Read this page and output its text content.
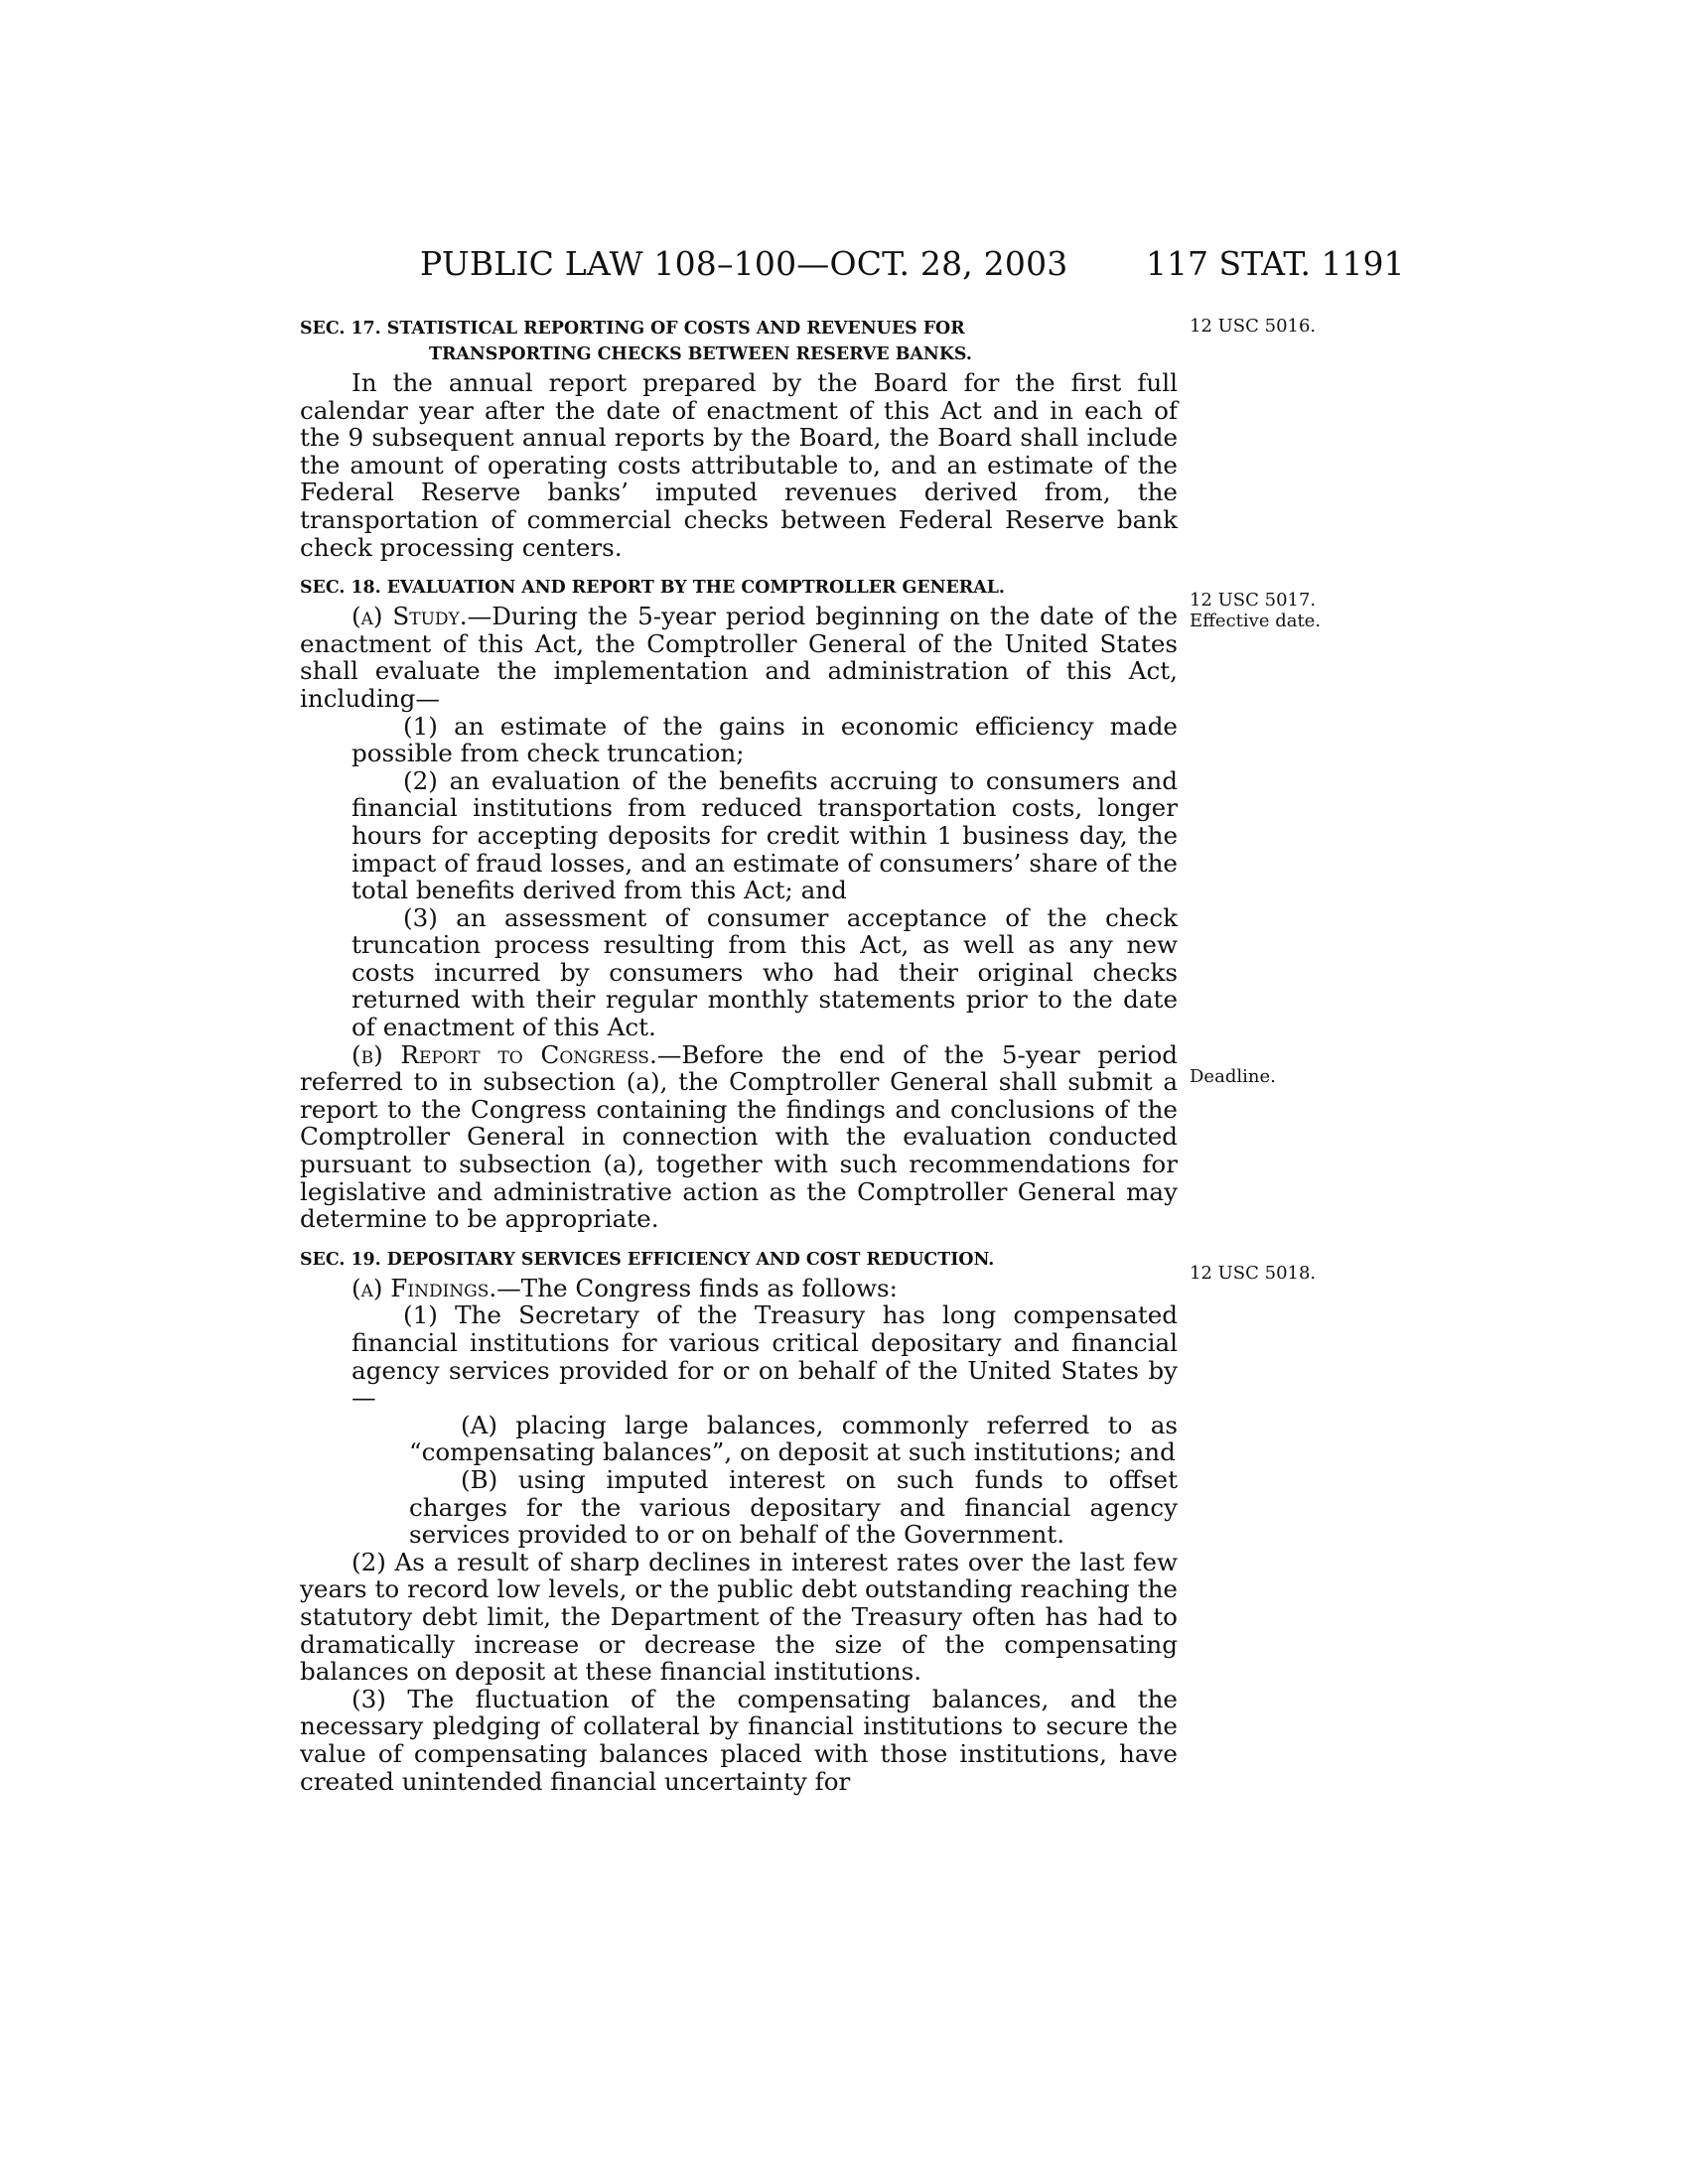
PUBLIC LAW 108–100—OCT. 28, 2003 117 STAT. 1191
12 USC 5016.
12 USC 5017.
Effective date.
Deadline.
12 USC 5018.
SEC. 17. STATISTICAL REPORTING OF COSTS AND REVENUES FOR
TRANSPORTING CHECKS BETWEEN RESERVE BANKS.

In the annual report prepared by the Board for the first full calendar year after the date of enactment of this Act and in each of the 9 subsequent annual reports by the Board, the Board shall include the amount of operating costs attributable to, and an estimate of the Federal Reserve banks’ imputed revenues derived from, the transportation of commercial checks between Federal Reserve bank check processing centers.

SEC. 18. EVALUATION AND REPORT BY THE COMPTROLLER GENERAL.

(a) Study.—During the 5-year period beginning on the date of the enactment of this Act, the Comptroller General of the United States shall evaluate the implementation and administration of this Act, including—

(1) an estimate of the gains in economic efficiency made possible from check truncation;

(2) an evaluation of the benefits accruing to consumers and financial institutions from reduced transportation costs, longer hours for accepting deposits for credit within 1 business day, the impact of fraud losses, and an estimate of consumers’ share of the total benefits derived from this Act; and

(3) an assessment of consumer acceptance of the check truncation process resulting from this Act, as well as any new costs incurred by consumers who had their original checks returned with their regular monthly statements prior to the date of enactment of this Act.

(b) Report to Congress.—Before the end of the 5-year period referred to in subsection (a), the Comptroller General shall submit a report to the Congress containing the findings and conclusions of the Comptroller General in connection with the evaluation conducted pursuant to subsection (a), together with such recommendations for legislative and administrative action as the Comptroller General may determine to be appropriate.

SEC. 19. DEPOSITARY SERVICES EFFICIENCY AND COST REDUCTION.

(a) Findings.—The Congress finds as follows:

(1) The Secretary of the Treasury has long compensated financial institutions for various critical depositary and financial agency services provided for or on behalf of the United States by—

(A) placing large balances, commonly referred to as “compensating balances”, on deposit at such institutions; and

(B) using imputed interest on such funds to offset charges for the various depositary and financial agency services provided to or on behalf of the Government.

(2) As a result of sharp declines in interest rates over the last few years to record low levels, or the public debt outstanding reaching the statutory debt limit, the Department of the Treasury often has had to dramatically increase or decrease the size of the compensating balances on deposit at these financial institutions.

(3) The fluctuation of the compensating balances, and the necessary pledging of collateral by financial institutions to secure the value of compensating balances placed with those institutions, have created unintended financial uncertainty for
